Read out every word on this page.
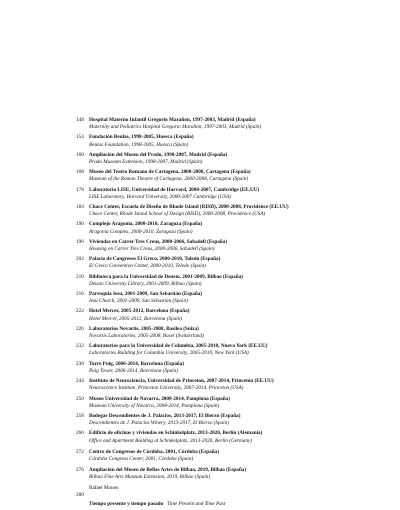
148	Hospital Materno Infantil Gregorio Marañón, 1997-2003, Madrid (España)
Maternity and Pediatrics Hospital Gregorio Marañón, 1997-2003, Madrid (Spain)
154	Fundación Beulas, 1998-2005, Huesca (España)
Beulas Foundation, 1998-2005, Huesca (Spain)
160	Ampliación del Museo del Prado, 1998-2007, Madrid (España)
Prado Museum Extension, 1998-2007, Madrid (Spain)
168	Museo del Teatro Romano de Cartagena, 2000-2008, Cartagena (España)
Museum of the Roman Theatre of Cartagena, 2000-2008, Cartagena (Spain)
178	Laboratorio LISE, Universidad de Harvard, 2000-2007, Cambridge (EE.UU)
LISE Laboratory, Harvard University, 2000-2007 Cambridge (USA)
184	Chace Center, Escuela de Diseño de Rhode Island (RISD), 2000-2008, Providence (EE.UU)
Chace Center, Rhode Island School of Design (RISD), 2000-2008, Providence (USA)
190	Complejo Aragonia, 2000-2010, Zaragoza (España)
Aragonia Complex, 2000-2010, Zaragoza (Spain)
196	Viviendas en Carrer Tres Creus, 2000-2006, Sabadell (España)
Housing on Carrer Tres Creus, 2000-2006, Sabadell (Spain)
202	Palacio de Congresos El Greco, 2000-2010, Toledo (España)
El Greco Convention Center, 2000-2010, Toledo (Spain)
210	Biblioteca para la Universidad de Deusto, 2001-2009, Bilbao (España)
Deusto University Library, 2001-2009, Bilbao (Spain)
216	Parroquia Iesu, 2001-2009, San Sebastián (España)
Iesu Church, 2001-2009, San Sebastián (Spain)
222	Hotel Mercer, 2005-2012, Barcelona (España)
Hotel Mercer, 2005-2012, Barcelona (Spain)
226	Laboratorios Novartis, 2005-2008, Basilea (Suiza)
Novartis Laboratories, 2005-2008, Basel (Switzerland)
232	Laboratorios para la Universidad de Columbia, 2005-2010, Nueva York (EE.UU)
Laboratories Building for Columbia University, 2005-2010, New York (USA)
238	Torre Puig, 2006-2014, Barcelona (España)
Puig Tower, 2006-2014, Barcelona (Spain)
244	Instituto de Neurociencia, Universidad de Princeton, 2007-2014, Princeton (EE.UU)
Neuroscience Institute, Princeton University, 2007-2014, Princeton (USA)
250	Museo Universidad de Navarra, 2008-2014, Pamplona (España)
Museum University of Navarra, 2008-2014, Pamplona (Spain)
258	Bodegas Descendientes de J. Palacios, 2013-2017, El Bierzo (España)
Descendientes de J. Palacios Winery, 2013-2017, El Bierzo (Spain)
266	Edificio de oficinas y viviendas en Schinkelplatz, 2013-2020, Berlín (Alemania)
Office and Apartment Building at Schinkelplatz, 2013-2020, Berlin (Germany)
272	Centro de Congresos de Córdoba, 2001, Córdoba (España)
Córdoba Congress Center, 2001, Córdoba (Spain)
276	Ampliación del Museo de Bellas Artes de Bilbao, 2019, Bilbao (España)
Bilbao Fine Arts Museum Extension, 2019, Bilbao (Spain)
Rafael Moneo
280
Tiempo presente y tiempo pasado Time Present and Time Past
